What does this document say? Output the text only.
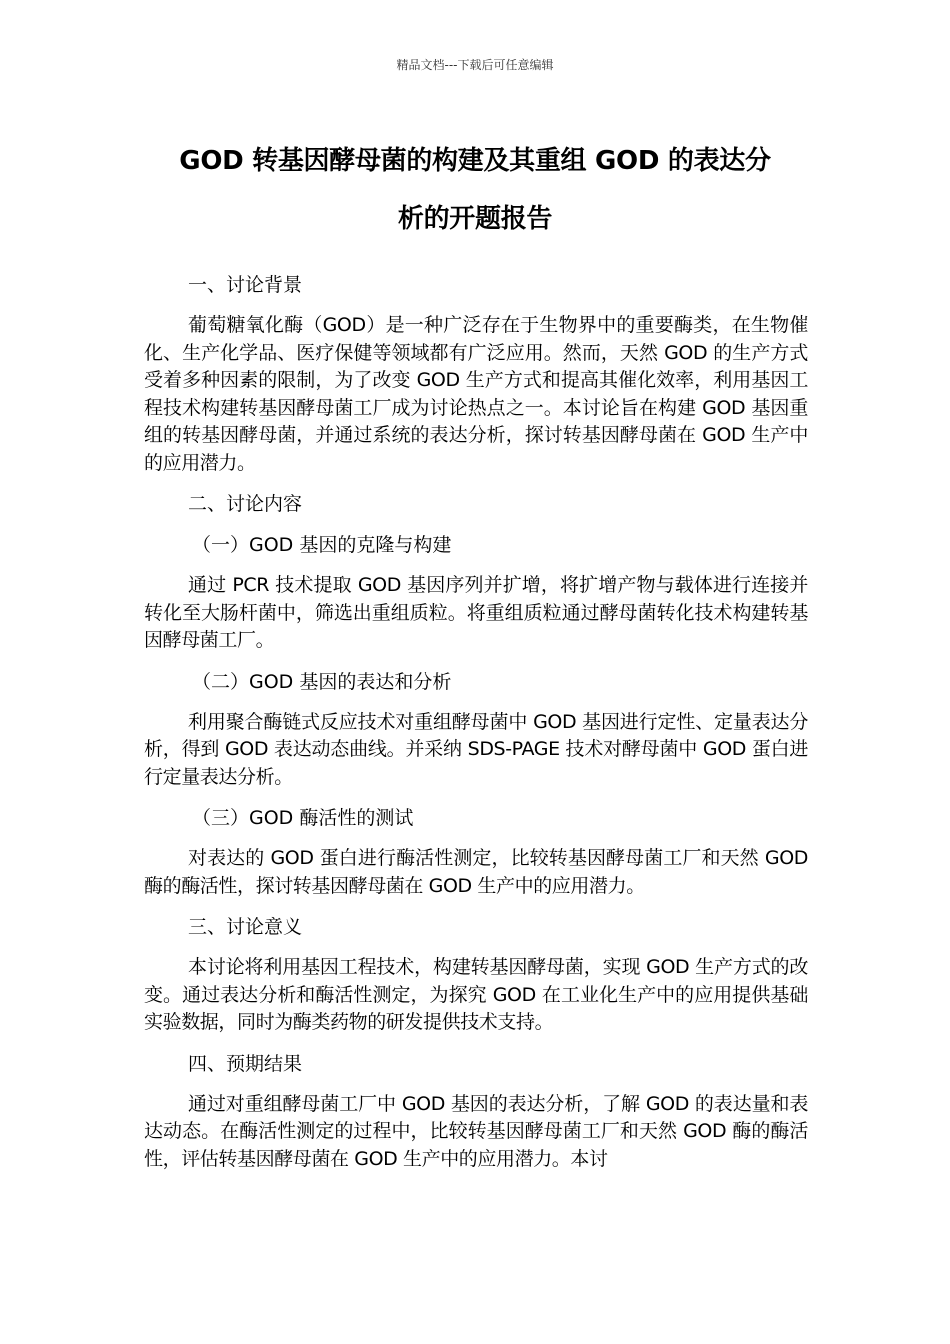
精品文档---下载后可任意编辑
GOD 转基因酵母菌的构建及其重组 GOD 的表达分
析的开题报告

一、讨论背景

葡萄糖氧化酶（GOD）是一种广泛存在于生物界中的重要酶类，在生物催化、生产化学品、医疗保健等领域都有广泛应用。然而，天然 GOD 的生产方式受着多种因素的限制，为了改变 GOD 生产方式和提高其催化效率，利用基因工程技术构建转基因酵母菌工厂成为讨论热点之一。本讨论旨在构建 GOD 基因重组的转基因酵母菌，并通过系统的表达分析，探讨转基因酵母菌在 GOD 生产中的应用潜力。

二、讨论内容

（一）GOD 基因的克隆与构建

通过 PCR 技术提取 GOD 基因序列并扩增，将扩增产物与载体进行连接并转化至大肠杆菌中，筛选出重组质粒。将重组质粒通过酵母菌转化技术构建转基因酵母菌工厂。

（二）GOD 基因的表达和分析

利用聚合酶链式反应技术对重组酵母菌中 GOD 基因进行定性、定量表达分析，得到 GOD 表达动态曲线。并采纳 SDS-PAGE 技术对酵母菌中 GOD 蛋白进行定量表达分析。

（三）GOD 酶活性的测试

对表达的 GOD 蛋白进行酶活性测定，比较转基因酵母菌工厂和天然 GOD 酶的酶活性，探讨转基因酵母菌在 GOD 生产中的应用潜力。

三、讨论意义

本讨论将利用基因工程技术，构建转基因酵母菌，实现 GOD 生产方式的改变。通过表达分析和酶活性测定，为探究 GOD 在工业化生产中的应用提供基础实验数据，同时为酶类药物的研发提供技术支持。

四、预期结果

通过对重组酵母菌工厂中 GOD 基因的表达分析，了解 GOD 的表达量和表达动态。在酶活性测定的过程中，比较转基因酵母菌工厂和天然 GOD 酶的酶活性，评估转基因酵母菌在 GOD 生产中的应用潜力。本讨
